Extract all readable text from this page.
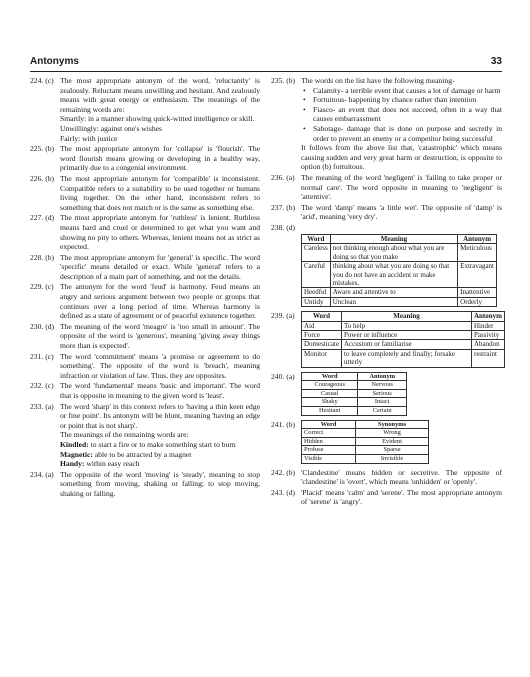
Antonyms	33
224. (c) The most appropriate antonym of the word, 'reluctantly' is zealously. Reluctant means unwilling and hesitant. And zealously means with great energy or enthusiasm. The meanings of the remaining words are:

Smartly: in a manner showing quick-witted intelligence or skill.

Unwillingly: against one's wishes

Fairly: with justice

225. (b) The most appropriate antonym for 'collapse' is 'flourish'. The word flourish means growing or developing in a healthy way, primarily due to a congenial environment.

226. (b) The most appropriate antonym for 'compatible' is inconsistent. Compatible refers to a suitability to be used together or humans living together. On the other hand, inconsistent refers to something that does not match or is the same as something else.

227. (d) The most appropriate antonym for 'ruthless' is lenient. Ruthless means hard and cruel or determined to get what you want and showing no pity to others. Whereas, lenient means not as strict as expected.

228. (b) The most appropriate antonym for 'general' is specific. The word 'specific' means detailed or exact. While 'general' refers to a description of a main part of something, and not the details.

229. (c) The antonym for the word 'feud' is harmony. Feud means an angry and serious argument between two people or groups that continues over a long period of time. Whereas harmony is defined as a state of agreement or of peaceful existence together.

230. (d) The meaning of the word 'meagre' is 'too small in amount'. The opposite of the word is 'generous', meaning 'giving away things more than is expected'.

231. (c) The word 'commitment' means 'a promise or agreement to do something'. The opposite of the word is 'breach', meaning infraction or violation of law. Thus, they are opposites.

232. (c) The word 'fundamental' means 'basic and important'. The word that is opposite in meaning to the given word is 'least'.

233. (a) The word 'sharp' in this context refers to 'having a thin keen edge or fine point'. Its antonym will be blunt, meaning 'having an edge or point that is not sharp'.

The meanings of the remaining words are:

Kindled: to start a fire or to make something start to burn

Magnetic: able to be attracted by a magnet

Handy: within easy reach

234. (a) The opposite of the word 'moving' is 'steady', meaning to stop something from moving, shaking or falling; to stop moving, shaking or falling.

235. (b) The words on the list have the following meaning-

• Calamity- a terrible event that causes a lot of damage or harm

• Fortuitous- happening by chance rather than intention

• Fiasco- an event that does not succeed, often in a way that causes embarrassment

• Sabotage- damage that is done on purpose and secretly in order to prevent an enemy or a competitor being successful

It follows from the above list that, 'catastrophic' which means causing sudden and very great harm or destruction, is opposite to option (b) fortuitous.

236. (a) The meaning of the word 'negligent' is 'failing to take proper or normal care'. The word opposite in meaning to 'negligent' is 'attentive'.

237. (b) The word 'damp' means 'a little wet'. The opposite of 'damp' is 'arid', meaning 'very dry'.

238. (d)
Word	Meaning	Antonym
Careless	not thinking enough about what you are doing so that you make	Meticulous
Careful	thinking about what you are doing so that you do not have an accident or make mistakes,	Extravagant
Heedful	Aware and attentive to	Inattentive
Untidy	Unclean	Orderly
239. (a)	Word	Meaning	Antonym
Aid	To help	Hinder
Force	Power or influence	Passivity
Domesticate	Accustom or familiarise	Abandon
Monitor	to leave completely and finally; forsake utterly	restraint
240. (a)	Word	Antonym
Courageous	Nervous
Casual	Serious
Shaky	Intact
Hesitant	Certain
241. (b)	Word	Synonyms
Correct	Wrong
Hidden	Evident
Profuse	Sparse
Visible	Invisible
242. (b) 'Clandestine' means hidden or secretive. The opposite of 'clandestine' is 'overt', which means 'unhidden' or 'openly'.

243. (d) 'Placid' means 'calm' and 'serene'. The most appropriate antonym of 'serene' is 'angry'.
